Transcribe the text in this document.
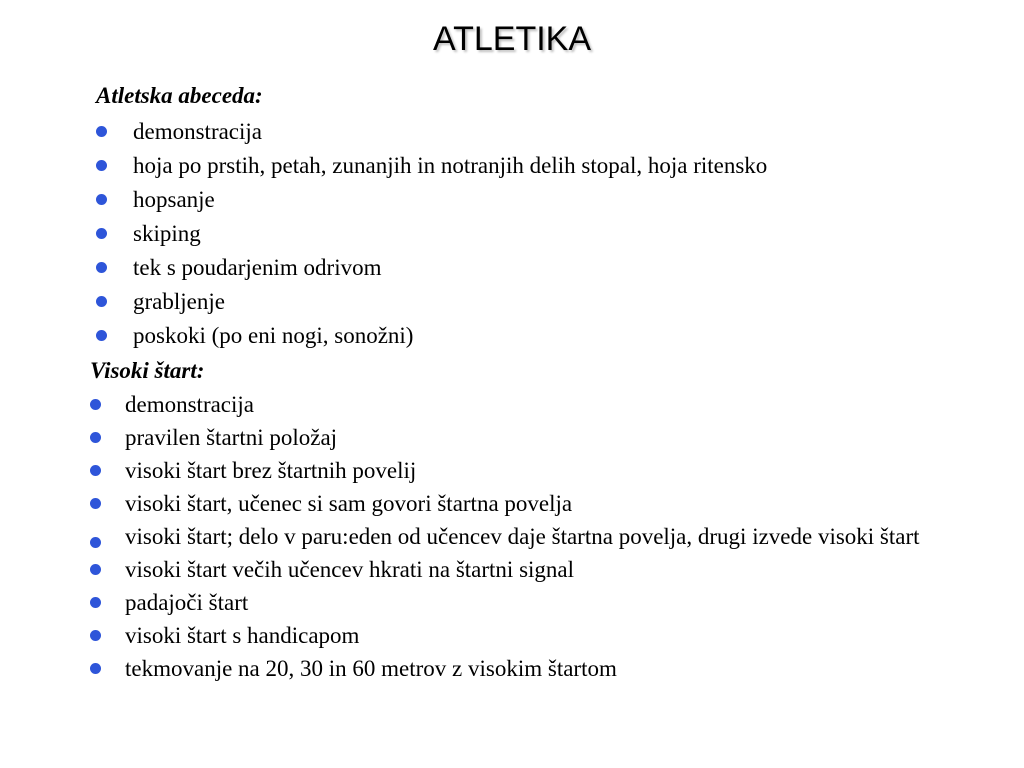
ATLETIKA

Atletska abeceda:

demonstracija
hoja po prstih, petah, zunanjih in notranjih delih stopal, hoja ritensko
hopsanje
skiping
tek s poudarjenim odrivom
grabljenje
poskoki (po eni nogi, sonožni)

Visoki štart:

demonstracija
pravilen štartni položaj
visoki štart brez štartnih povelij
visoki štart, učenec si sam govori štartna povelja
visoki štart; delo v paru:eden od učencev daje štartna povelja, drugi izvede visoki štart
visoki štart večih učencev hkrati na štartni signal
padajoči štart
visoki štart s handicapom
tekmovanje na 20, 30 in 60 metrov z visokim štartom
